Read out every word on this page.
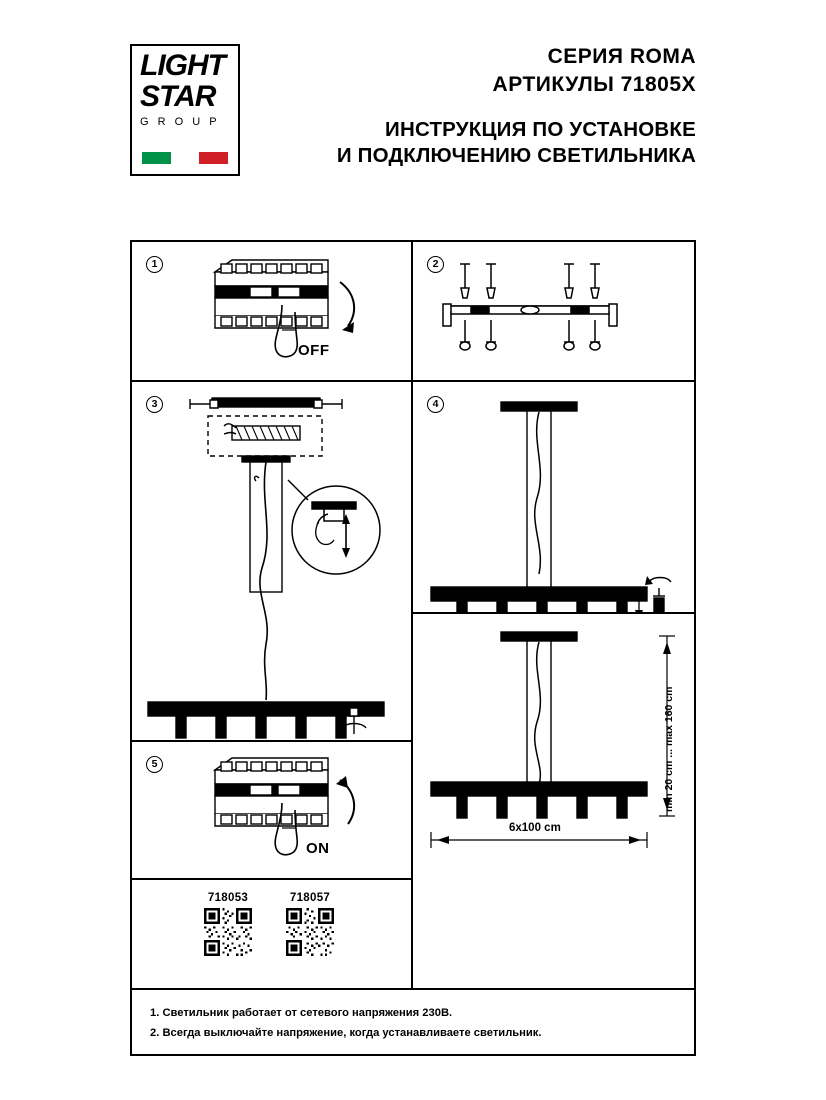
LIGHT
STAR
G R O U P
СЕРИЯ ROMA
АРТИКУЛЫ 71805X
ИНСТРУКЦИЯ ПО УСТАНОВКЕ
И ПОДКЛЮЧЕНИЮ СВЕТИЛЬНИКА
1
OFF
2
3	4
5
ON
718053	718057
min 20 cm ... max 160 cm
6x100 cm
1. Светильник работает от сетевого напряжения 230В.
2. Всегда выключайте напряжение, когда устанавливаете светильник.
